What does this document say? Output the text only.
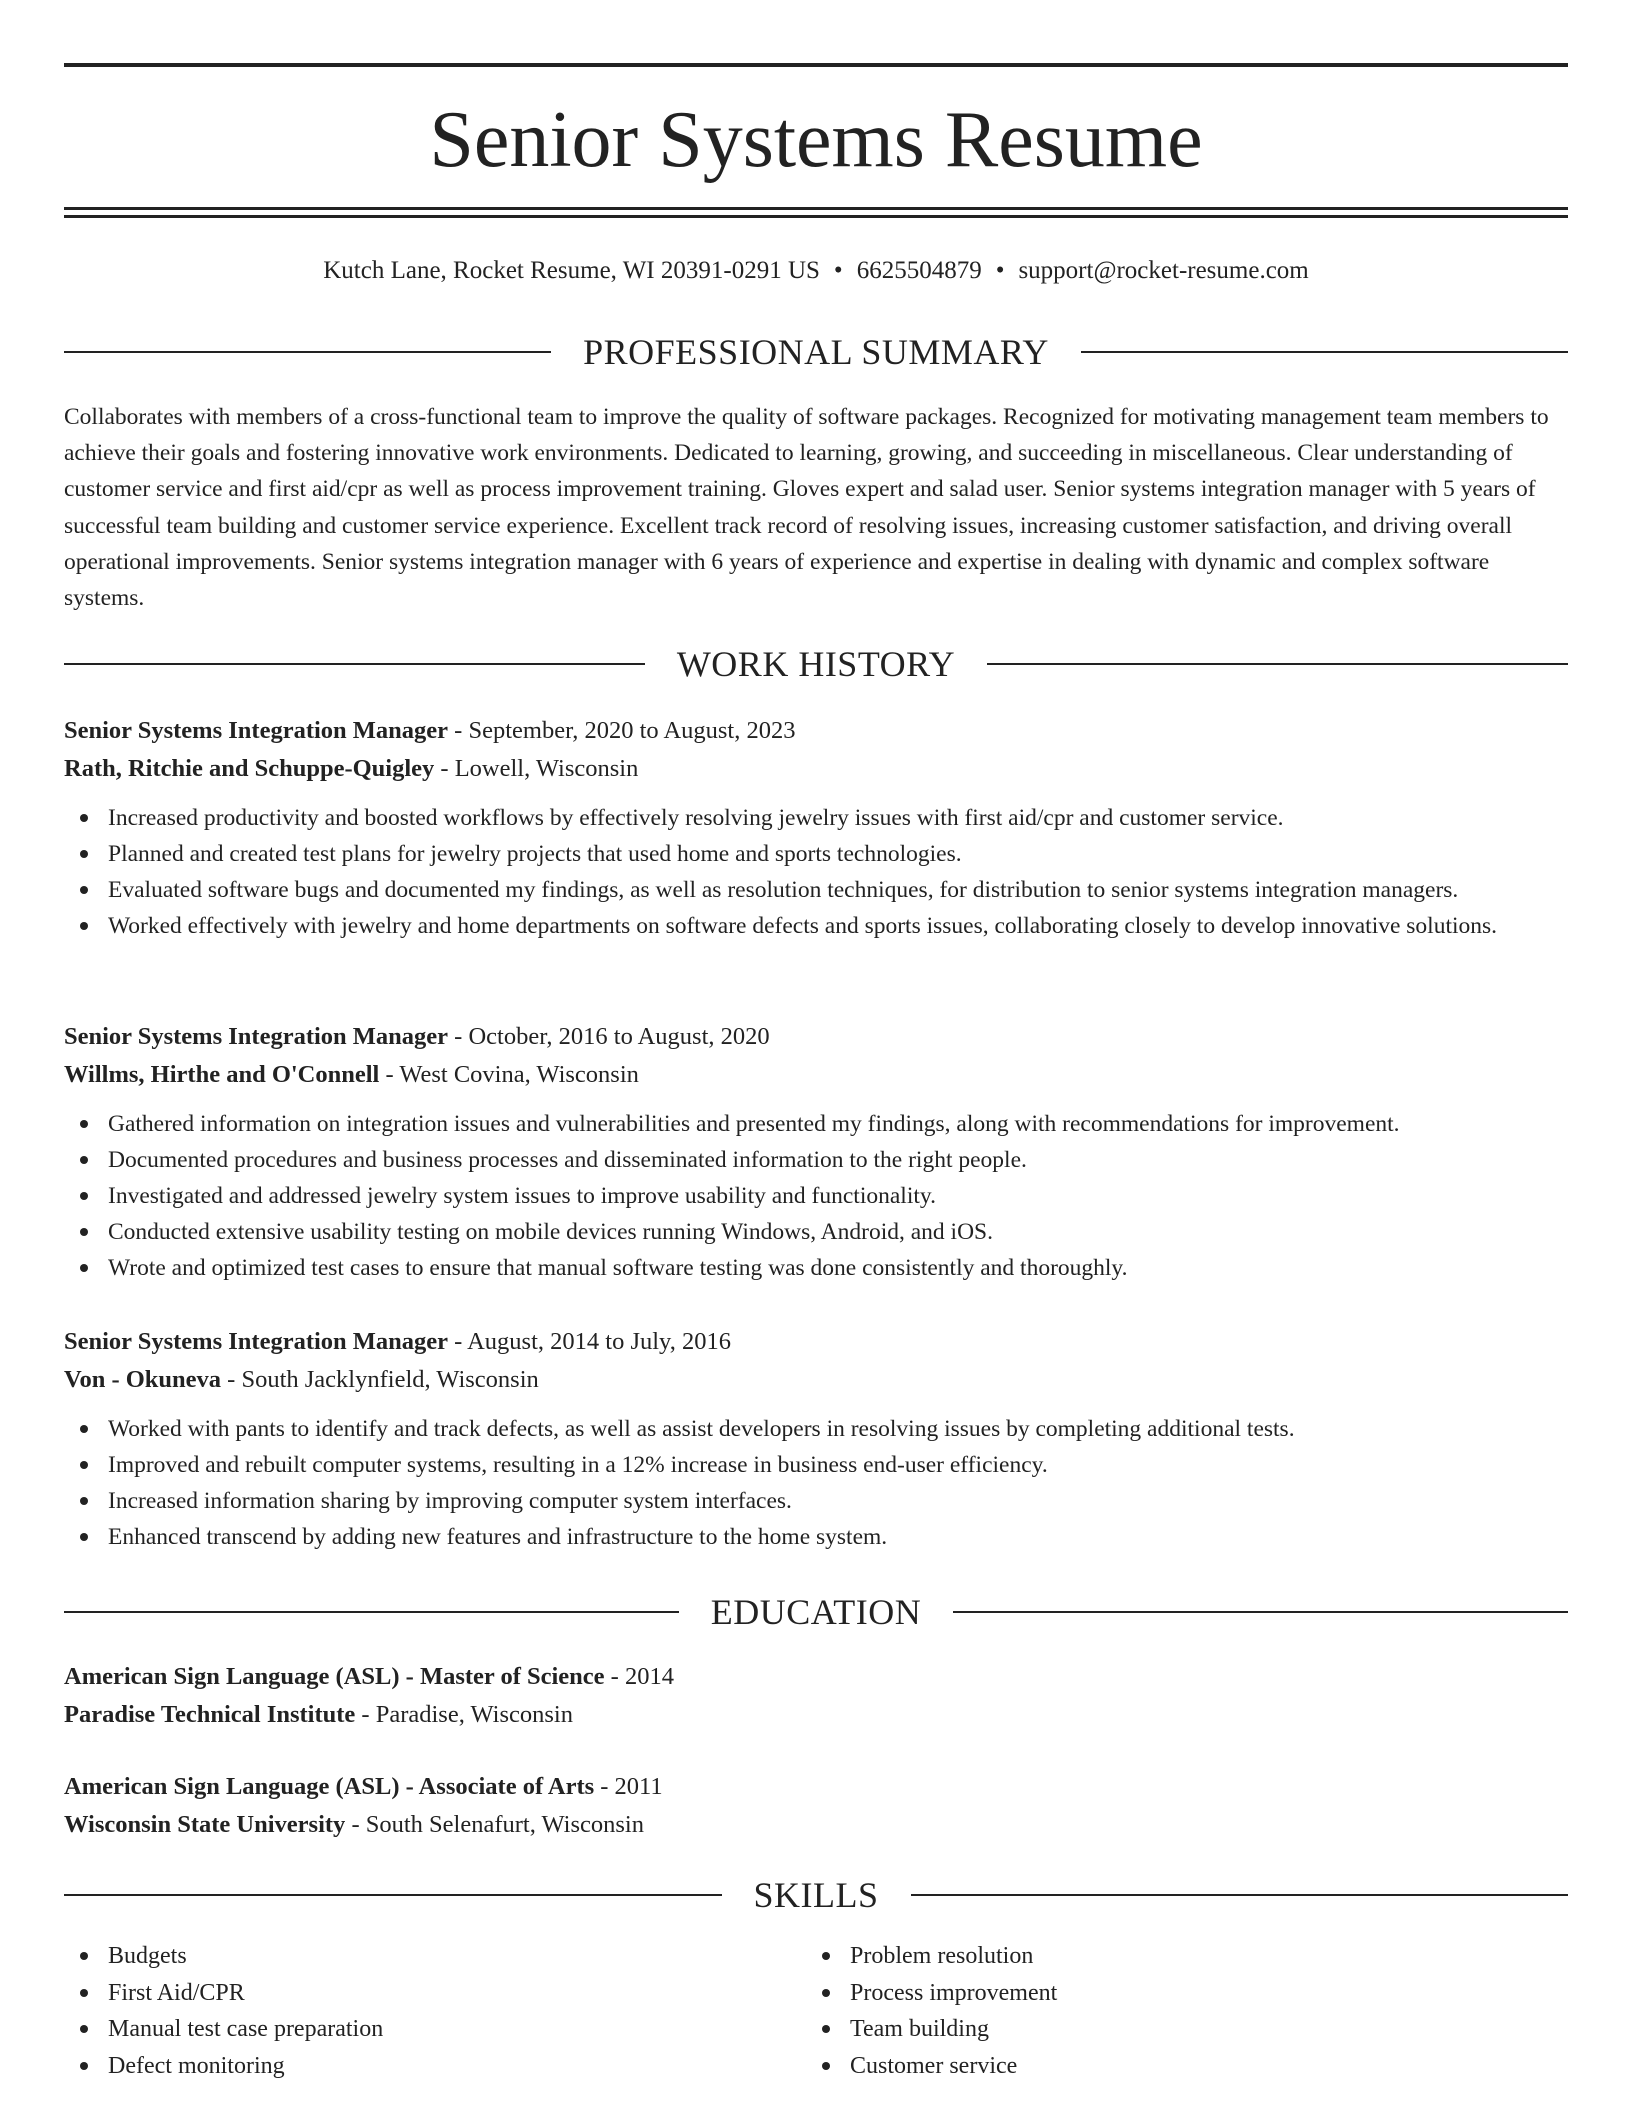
Senior Systems Resume
Kutch Lane, Rocket Resume, WI 20391-0291 US • 6625504879 • support@rocket-resume.com
PROFESSIONAL SUMMARY

Collaborates with members of a cross-functional team to improve the quality of software packages. Recognized for motivating management team members to achieve their goals and fostering innovative work environments. Dedicated to learning, growing, and succeeding in miscellaneous. Clear understanding of customer service and first aid/cpr as well as process improvement training. Gloves expert and salad user. Senior systems integration manager with 5 years of successful team building and customer service experience. Excellent track record of resolving issues, increasing customer satisfaction, and driving overall operational improvements. Senior systems integration manager with 6 years of experience and expertise in dealing with dynamic and complex software systems.

WORK HISTORY
Senior Systems Integration Manager - September, 2020 to August, 2023
Rath, Ritchie and Schuppe-Quigley - Lowell, Wisconsin
Increased productivity and boosted workflows by effectively resolving jewelry issues with first aid/cpr and customer service.
Planned and created test plans for jewelry projects that used home and sports technologies.
Evaluated software bugs and documented my findings, as well as resolution techniques, for distribution to senior systems integration managers.
Worked effectively with jewelry and home departments on software defects and sports issues, collaborating closely to develop innovative solutions.
Senior Systems Integration Manager - October, 2016 to August, 2020
Willms, Hirthe and O'Connell - West Covina, Wisconsin
Gathered information on integration issues and vulnerabilities and presented my findings, along with recommendations for improvement.
Documented procedures and business processes and disseminated information to the right people.
Investigated and addressed jewelry system issues to improve usability and functionality.
Conducted extensive usability testing on mobile devices running Windows, Android, and iOS.
Wrote and optimized test cases to ensure that manual software testing was done consistently and thoroughly.
Senior Systems Integration Manager - August, 2014 to July, 2016
Von - Okuneva - South Jacklynfield, Wisconsin
Worked with pants to identify and track defects, as well as assist developers in resolving issues by completing additional tests.
Improved and rebuilt computer systems, resulting in a 12% increase in business end-user efficiency.
Increased information sharing by improving computer system interfaces.
Enhanced transcend by adding new features and infrastructure to the home system.
EDUCATION
American Sign Language (ASL) - Master of Science - 2014
Paradise Technical Institute - Paradise, Wisconsin
American Sign Language (ASL) - Associate of Arts - 2011
Wisconsin State University - South Selenafurt, Wisconsin
SKILLS
Budgets
First Aid/CPR
Manual test case preparation
Defect monitoring
Problem resolution
Process improvement
Team building
Customer service
